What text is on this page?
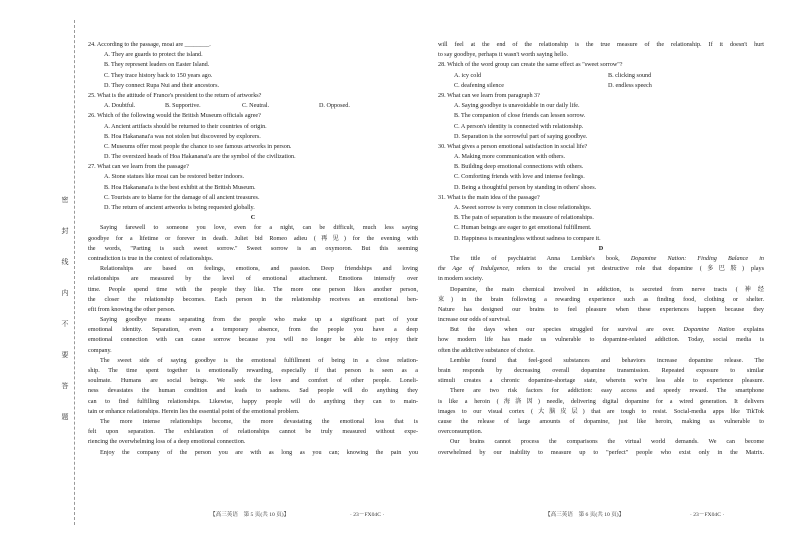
密
封
线
内
不
要
答
题
24. According to the passage, moai are ________.
A. They are guards to protect the island.
B. They represent leaders on Easter Island.
C. They trace history back to 150 years ago.
D. They connect Rupa Nui and their ancestors.
25. What is the attitude of France's president to the return of artworks?
A. Doubtful.	B. Supportive.	C. Neutral.	D. Opposed.
26. Which of the following would the British Museum officials agree?
A. Ancient artifacts should be returned to their countries of origin.
B. Hoa Hakananai'a was not stolen but discovered by explorers.
C. Museums offer most people the chance to see famous artworks in person.
D. The oversized heads of Hoa Hakananai'a are the symbol of the civilization.
27. What can we learn from the passage?
A. Stone statues like moai can be restored better indoors.
B. Hoa Hakananai'a is the best exhibit at the British Museum.
C. Tourists are to blame for the damage of all ancient treasures.
D. The return of ancient artworks is being requested globally.
C
Saying farewell to someone you love, even for a night, can be difficult, much less saying
goodbye for a lifetime or forever in death. Juliet bid Romeo adieu (再见) for the evening with
the words, "Parting is such sweet sorrow." Sweet sorrow is an oxymoron. But this seeming
contradiction is true in the context of relationships.
Relationships are based on feelings, emotions, and passion. Deep friendships and loving
relationships are measured by the level of emotional attachment. Emotions intensify over
time. People spend time with the people they like. The more one person likes another person,
the closer the relationship becomes. Each person in the relationship receives an emotional ben-
efit from knowing the other person.
Saying goodbye means separating from the people who make up a significant part of your
emotional identity. Separation, even a temporary absence, from the people you have a deep
emotional connection with can cause sorrow because you will no longer be able to enjoy their
company.
The sweet side of saying goodbye is the emotional fulfillment of being in a close relation-
ship. The time spent together is emotionally rewarding, especially if that person is seen as a
soulmate. Humans are social beings. We seek the love and comfort of other people. Loneli-
ness devastates the human condition and leads to sadness. Sad people will do anything they
can to find fulfilling relationships. Likewise, happy people will do anything they can to main-
tain or enhance relationships. Herein lies the essential point of the emotional problem.
The more intense relationships become, the more devastating the emotional loss that is
felt upon separation. The exhilaration of relationships cannot be truly measured without expe-
riencing the overwhelming loss of a deep emotional connection.
Enjoy the company of the person you are with as long as you can; knowing the pain you
will feel at the end of the relationship is the true measure of the relationship. If it doesn't hurt
to say goodbye, perhaps it wasn't worth saying hello.
28. Which of the word group can create the same effect as "sweet sorrow"?
A. icy cold	B. clicking sound
C. deafening silence	D. endless speech
29. What can we learn from paragraph 3?
A. Saying goodbye is unavoidable in our daily life.
B. The companion of close friends can lessen sorrow.
C. A person's identity is connected with relationship.
D. Separation is the sorrowful part of saying goodbye.
30. What gives a person emotional satisfaction in social life?
A. Making more communication with others.
B. Building deep emotional connections with others.
C. Comforting friends with love and intense feelings.
D. Being a thoughtful person by standing in others' shoes.
31. What is the main idea of the passage?
A. Sweet sorrow is very common in close relationships.
B. The pain of separation is the measure of relationships.
C. Human beings are eager to get emotional fulfillment.
D. Happiness is meaningless without sadness to compare it.
D
The title of psychiatrist Anna Lembke's book, Dopamine Nation: Finding Balance in
the Age of Indulgence, refers to the crucial yet destructive role that dopamine (多巴胺) plays
in modern society.
Dopamine, the main chemical involved in addiction, is secreted from nerve tracts (神经
束) in the brain following a rewarding experience such as finding food, clothing or shelter.
Nature has designed our brains to feel pleasure when these experiences happen because they
increase our odds of survival.
But the days when our species struggled for survival are over. Dopamine Nation explains
how modern life has made us vulnerable to dopamine-related addiction. Today, social media is
often the addictive substance of choice.
Lembke found that feel-good substances and behaviors increase dopamine release. The
brain responds by decreasing overall dopamine transmission. Repeated exposure to similar
stimuli creates a chronic dopamine-shortage state, wherein we're less able to experience pleasure.
There are two risk factors for addiction: easy access and speedy reward. The smartphone
is like a heroin (海洛因) needle, delivering digital dopamine for a wired generation. It delivers
images to our visual cortex (大脑皮层) that are tough to resist. Social-media apps like TikTok
cause the release of large amounts of dopamine, just like heroin, making us vulnerable to
overconsumption.
Our brains cannot process the comparisons the virtual world demands. We can become
overwhelmed by our inability to measure up to "perfect" people who exist only in the Matrix.
【高三英语　第 5 页(共 10 页)】	· 23－FX04C ·	【高三英语　第 6 页(共 10 页)】	· 23－FX04C ·
